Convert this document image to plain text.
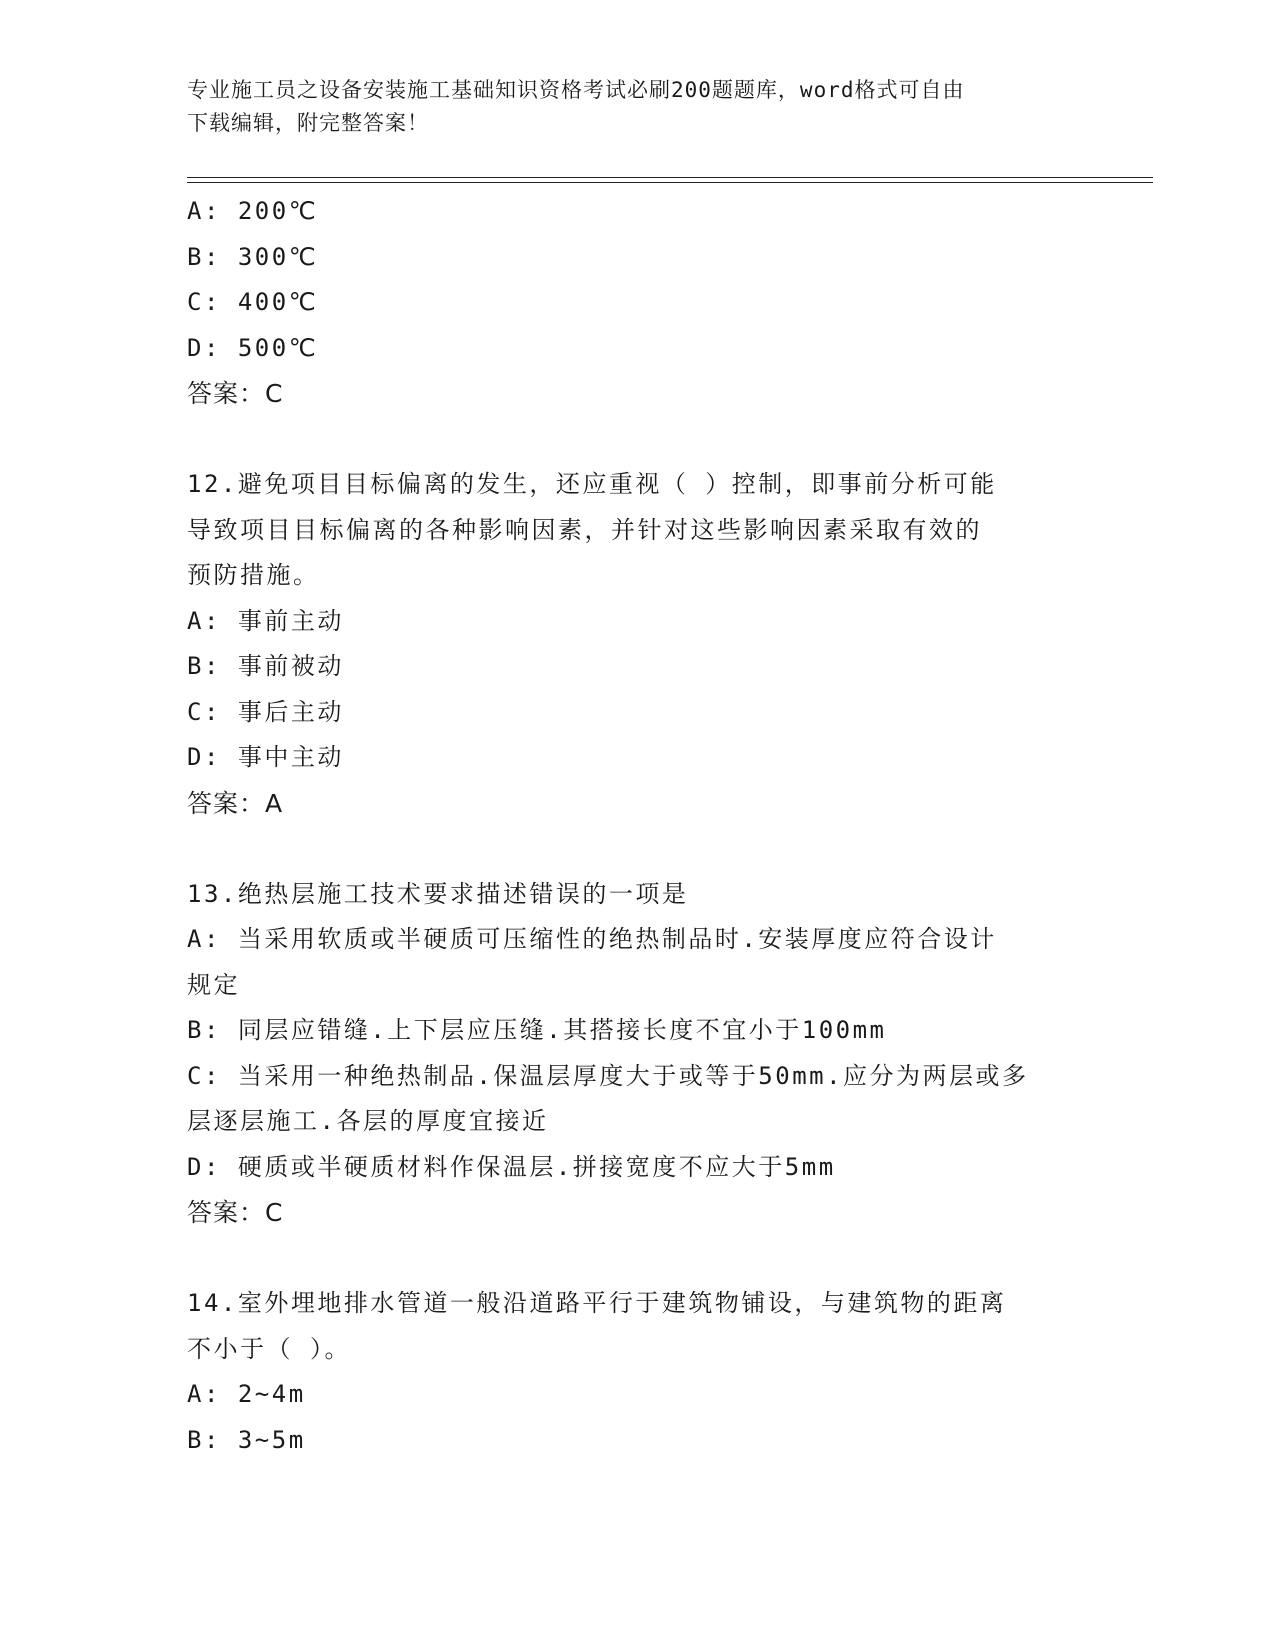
专业施工员之设备安装施工基础知识资格考试必刷200题题库，word格式可自由

下载编辑，附完整答案！

A: 200℃

B: 300℃

C: 400℃

D: 500℃

答案：C

12.避免项目目标偏离的发生，还应重视（ ）控制，即事前分析可能

导致项目目标偏离的各种影响因素，并针对这些影响因素采取有效的

预防措施。

A: 事前主动

B: 事前被动

C: 事后主动

D: 事中主动

答案：A

13.绝热层施工技术要求描述错误的一项是

A: 当采用软质或半硬质可压缩性的绝热制品时.安装厚度应符合设计

规定

B: 同层应错缝.上下层应压缝.其搭接长度不宜小于100mm

C: 当采用一种绝热制品.保温层厚度大于或等于50mm.应分为两层或多

层逐层施工.各层的厚度宜接近

D: 硬质或半硬质材料作保温层.拼接宽度不应大于5mm

答案：C

14.室外埋地排水管道一般沿道路平行于建筑物铺设，与建筑物的距离

不小于（ ）。

A: 2~4m

B: 3~5m
